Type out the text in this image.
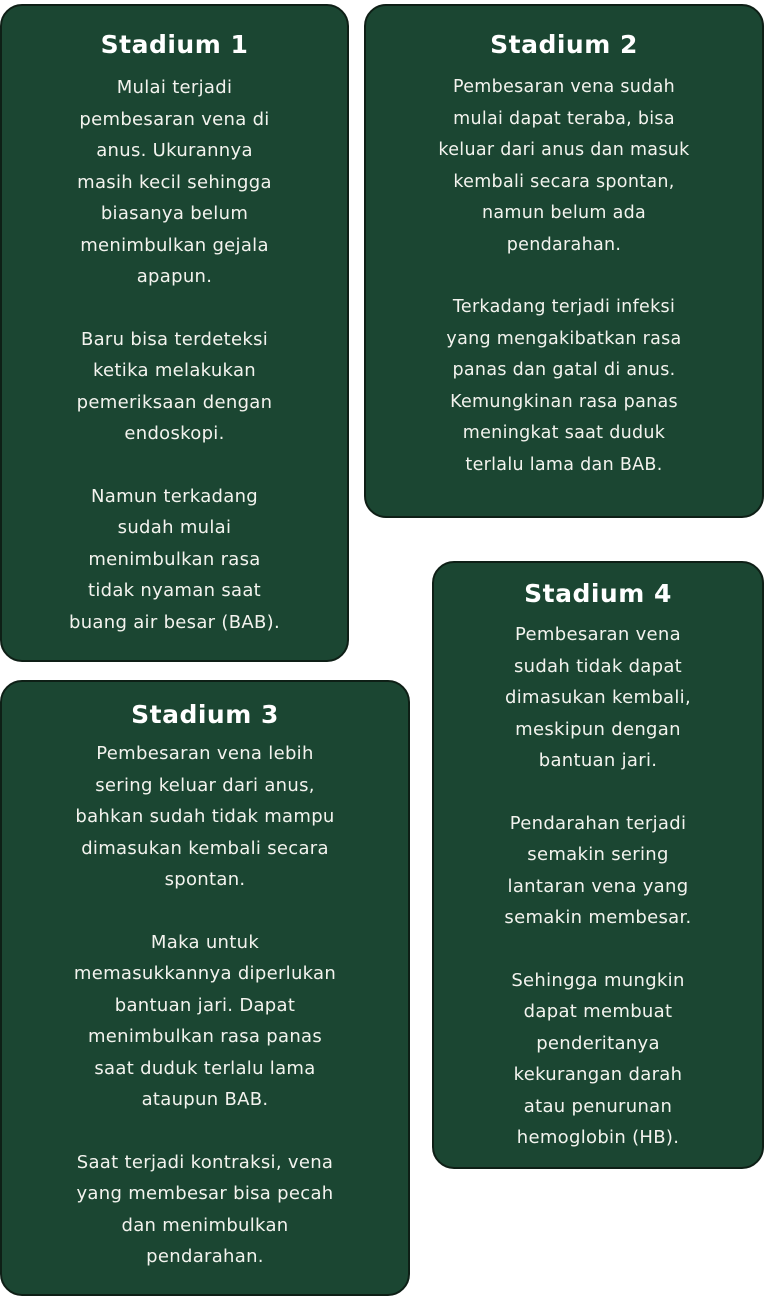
Stadium 1

Mulai terjadi
pembesaran vena di
anus. Ukurannya
masih kecil sehingga
biasanya belum
menimbulkan gejala
apapun.

Baru bisa terdeteksi
ketika melakukan
pemeriksaan dengan
endoskopi.

Namun terkadang
sudah mulai
menimbulkan rasa
tidak nyaman saat
buang air besar (BAB).

Stadium 2

Pembesaran vena sudah
mulai dapat teraba, bisa
keluar dari anus dan masuk
kembali secara spontan,
namun belum ada
pendarahan.

Terkadang terjadi infeksi
yang mengakibatkan rasa
panas dan gatal di anus.
Kemungkinan rasa panas
meningkat saat duduk
terlalu lama dan BAB.

Stadium 4

Pembesaran vena
sudah tidak dapat
dimasukan kembali,
meskipun dengan
bantuan jari.

Pendarahan terjadi
semakin sering
lantaran vena yang
semakin membesar.

Sehingga mungkin
dapat membuat
penderitanya
kekurangan darah
atau penurunan
hemoglobin (HB).

Stadium 3

Pembesaran vena lebih
sering keluar dari anus,
bahkan sudah tidak mampu
dimasukan kembali secara
spontan.

Maka untuk
memasukkannya diperlukan
bantuan jari. Dapat
menimbulkan rasa panas
saat duduk terlalu lama
ataupun BAB.

Saat terjadi kontraksi, vena
yang membesar bisa pecah
dan menimbulkan
pendarahan.
